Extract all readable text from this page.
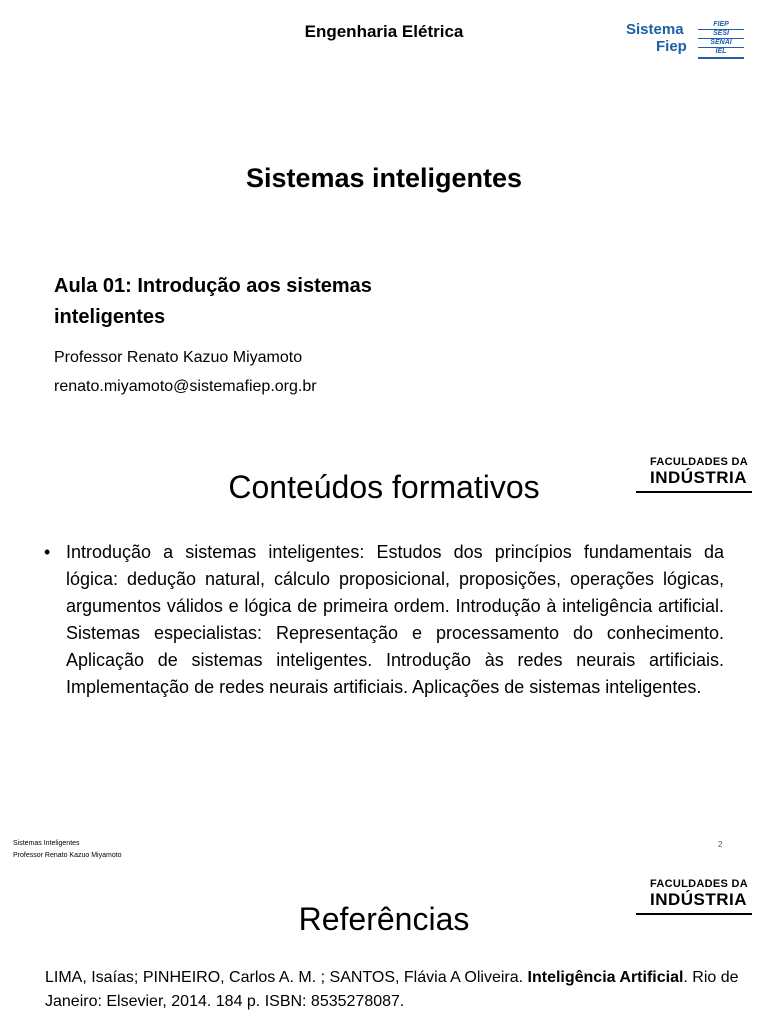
Engenharia Elétrica	Sistema
Fiep
FIEP
SESI
SENAI
IEL
Sistemas inteligentes
Aula 01: Introdução aos sistemas inteligentes
Professor Renato Kazuo Miyamoto
renato.miyamoto@sistemafiep.org.br
FACULDADES DA
INDÚSTRIA
Conteúdos formativos
• Introdução a sistemas inteligentes: Estudos dos princípios fundamentais da lógica: dedução natural, cálculo proposicional, proposições, operações lógicas, argumentos válidos e lógica de primeira ordem. Introdução à inteligência artificial. Sistemas especialistas: Representação e processamento do conhecimento. Aplicação de sistemas inteligentes. Introdução às redes neurais artificiais. Implementação de redes neurais artificiais. Aplicações de sistemas inteligentes.
Sistemas Inteligentes
Professor Renato Kazuo Miyamoto
2
FACULDADES DA
INDÚSTRIA
Referências
LIMA, Isaías; PINHEIRO, Carlos A. M. ; SANTOS, Flávia A Oliveira. Inteligência Artificial. Rio de Janeiro: Elsevier, 2014. 184 p. ISBN: 8535278087.
